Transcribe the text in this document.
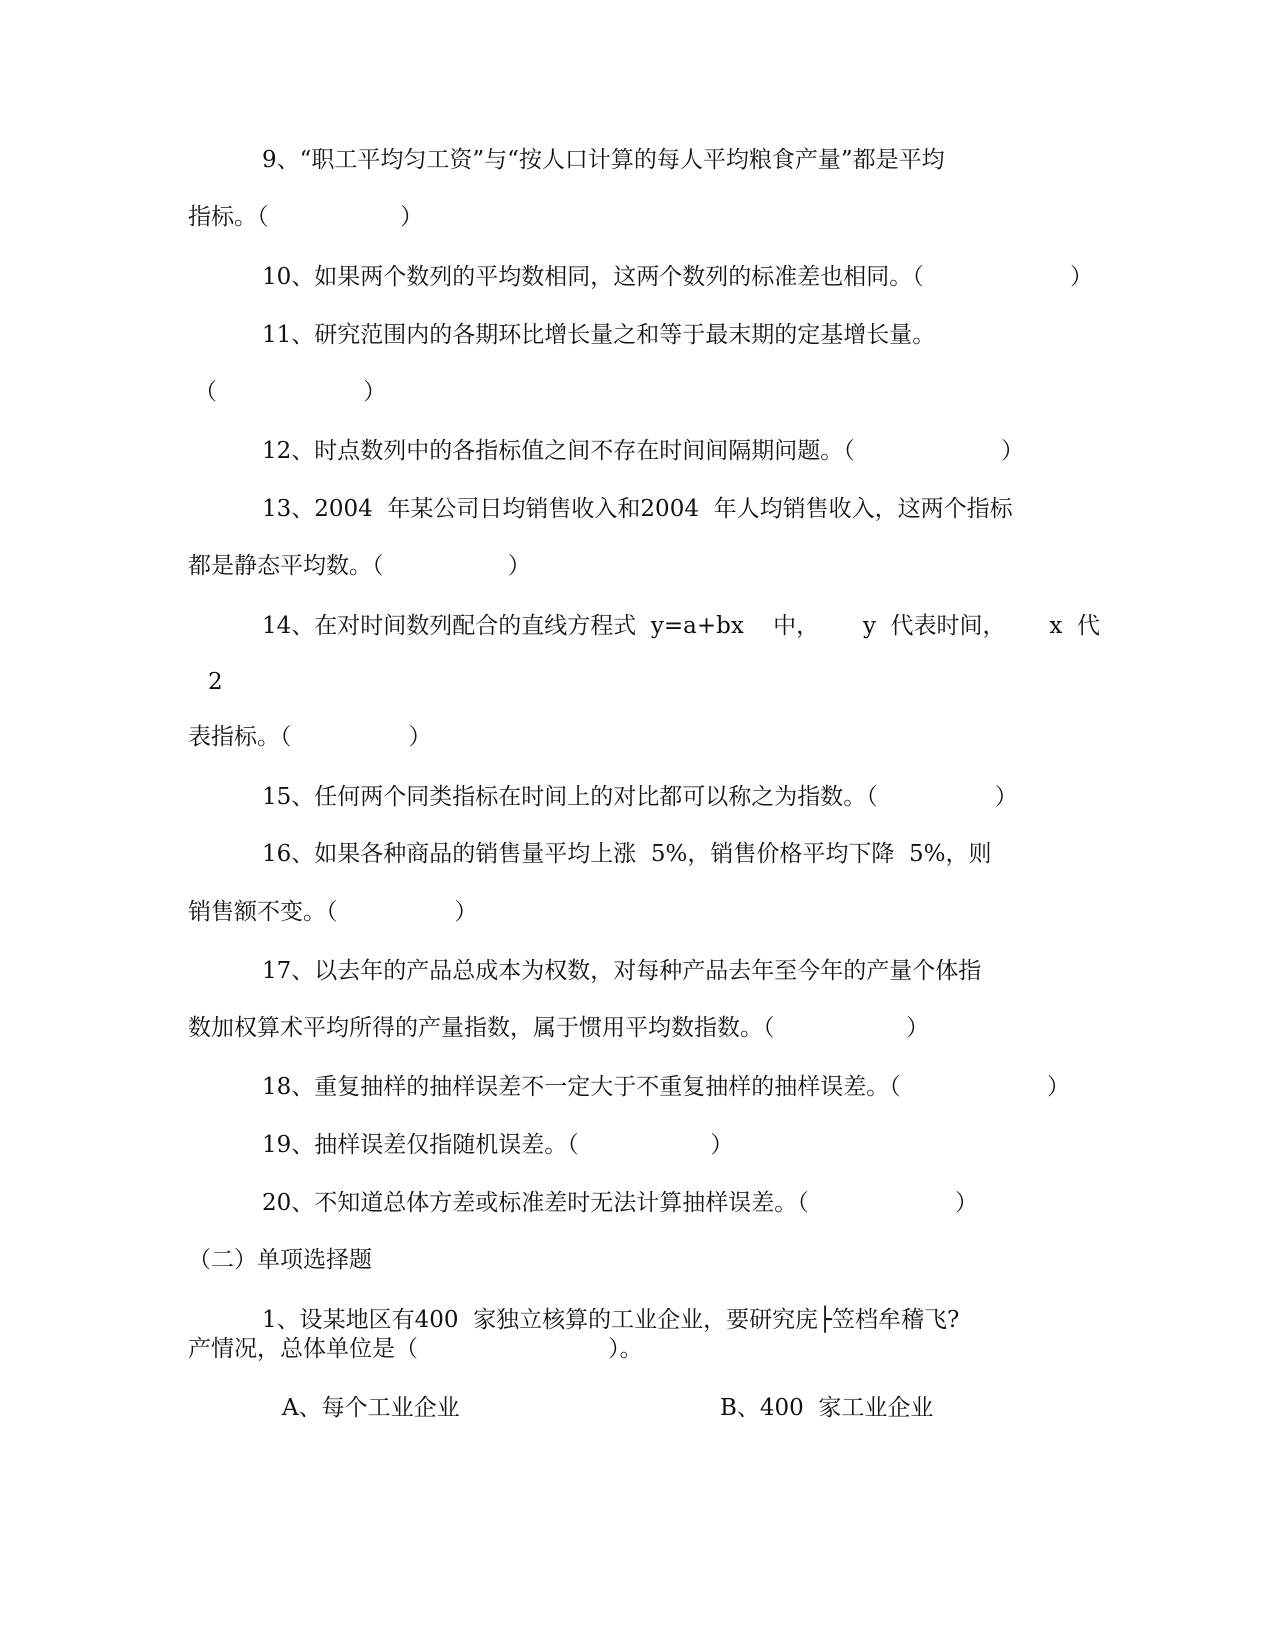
9、“职工平均匀工资”与“按人口计算的每人平均粮食产量”都是平均
指标。（                  ）
10、如果两个数列的平均数相同，这两个数列的标准差也相同。（                    ）
11、研究范围内的各期环比增长量之和等于最末期的定基增长量。
（                    ）
12、时点数列中的各指标值之间不存在时间间隔期问题。（                    ）
13、2004  年某公司日均销售收入和2004  年人均销售收入，这两个指标
都是静态平均数。（                 ）
14、在对时间数列配合的直线方程式  y=a+bx    中，      y  代表时间，      x  代
2
表指标。（                ）
15、任何两个同类指标在时间上的对比都可以称之为指数。（                ）
16、如果各种商品的销售量平均上涨  5%，销售价格平均下降  5%，则
销售额不变。（                ）
17、以去年的产品总成本为权数，对每种产品去年至今年的产量个体指
数加权算术平均所得的产量指数，属于惯用平均数指数。（                  ）
18、重复抽样的抽样误差不一定大于不重复抽样的抽样误差。（                    ）
19、抽样误差仅指随机误差。（                  ）
20、不知道总体方差或标准差时无法计算抽样误差。（                    ）
（二）单项选择题
1、设某地区有400  家独立核算的工业企业，要研究庑├笠档牟稽飞?
产情况，总体单位是（                          ）。
A、每个工业企业	B、400  家工业企业
